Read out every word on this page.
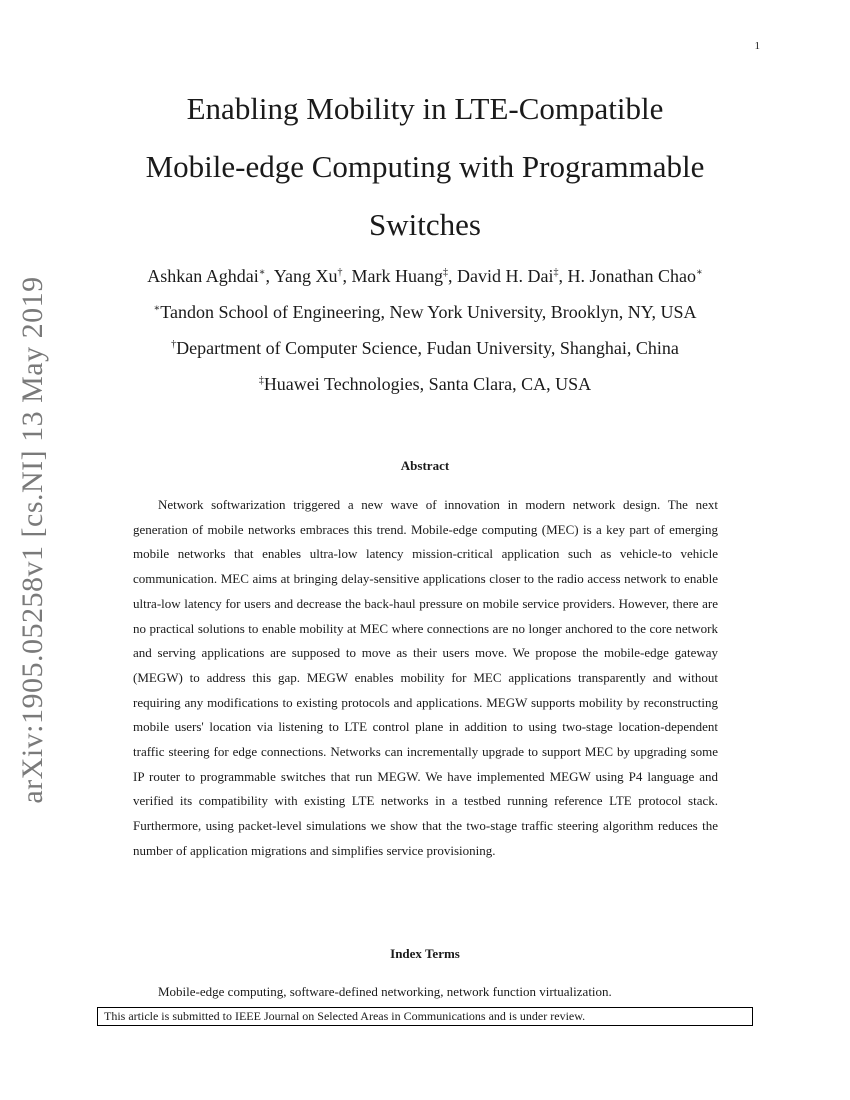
1
arXiv:1905.05258v1 [cs.NI] 13 May 2019
Enabling Mobility in LTE-Compatible
Mobile-edge Computing with Programmable
Switches
Ashkan Aghdai∗, Yang Xu†, Mark Huang‡, David H. Dai‡, H. Jonathan Chao∗
∗Tandon School of Engineering, New York University, Brooklyn, NY, USA
†Department of Computer Science, Fudan University, Shanghai, China
‡Huawei Technologies, Santa Clara, CA, USA
Abstract

Network softwarization triggered a new wave of innovation in modern network design. The next generation of mobile networks embraces this trend. Mobile-edge computing (MEC) is a key part of emerging mobile networks that enables ultra-low latency mission-critical application such as vehicle-to vehicle communication. MEC aims at bringing delay-sensitive applications closer to the radio access network to enable ultra-low latency for users and decrease the back-haul pressure on mobile service providers. However, there are no practical solutions to enable mobility at MEC where connections are no longer anchored to the core network and serving applications are supposed to move as their users move. We propose the mobile-edge gateway (MEGW) to address this gap. MEGW enables mobility for MEC applications transparently and without requiring any modifications to existing protocols and applications. MEGW supports mobility by reconstructing mobile users' location via listening to LTE control plane in addition to using two-stage location-dependent traffic steering for edge connections. Networks can incrementally upgrade to support MEC by upgrading some IP router to programmable switches that run MEGW. We have implemented MEGW using P4 language and verified its compatibility with existing LTE networks in a testbed running reference LTE protocol stack. Furthermore, using packet-level simulations we show that the two-stage traffic steering algorithm reduces the number of application migrations and simplifies service provisioning.

Index Terms

Mobile-edge computing, software-defined networking, network function virtualization.

This article is submitted to IEEE Journal on Selected Areas in Communications and is under review.
